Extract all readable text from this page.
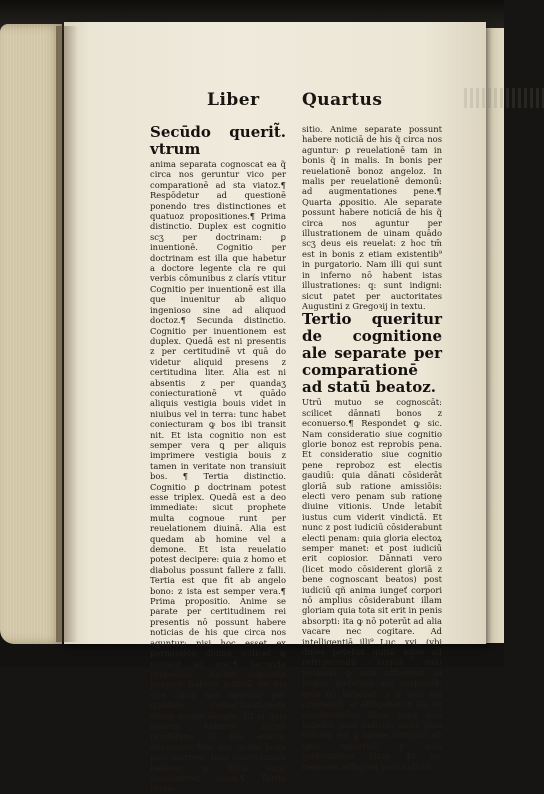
Liber Quartus
Secūdo querit̃. vtrum

anima separata cognoscat ea q̃ circa nos geruntur vico per comparationē ad sta viatoz.¶ Respōdetur ad questionē ponendo tres distinctiones et quatuoz propositiones.¶ Prima distinctio. Duplex est cognitio scʒ per doctrinam: ꝑ inuentionē. Cognitio per doctrinam est illa que habetur a doctore legente cla re qui verbis cōmunibus z clarís vtitur Cognitio per inuentionē est illa que inuenitur ab aliquo ingenioso sine ad aliquod doctoz.¶ Secunda distinctio. Cognitio per inuentionem est duplex. Quedā est ni presentis z per certitudinē vt quā do videtur aliquid presens z certitudina liter. Alia est ni absentis z per quandaʒ coniecturationē vt quādo aliquis vestigia bouis videt in niuibus vel in terra: tunc habet coniecturam ꝙ bos ibi transit nit. Et ista cognitio non est semper vera ꝗ per aliquis imprimere vestigia bouis z tamen in veritate non transiuit bos. ¶ Tertia distinctio. Cognitio ꝑ doctrinam potest esse triplex. Quedā est a deo immediate: sicut prophete multa cognoue runt per reuelationem diuinā. Alia est quedam ab homine vel a demone. Et ista reuelatio potest decipere: quia z homo et diabolus possunt fallere z falli. Tertia est que fit ab angelo bono: z ista est semper vera.¶ Prima propositio. Anime se parate per certitudinem rei presentis nō possunt habere noticias de his que circa nos aguntur: nisi hoc esset ex permissiōe diuina scilicet ꝙ veniant ad nos.¶ Secunda propositio. Anime separate possunt habere noticiā de his que circa nos aguntur per quādam coniecturationem etiam anime dānate. Ut si quis auarus haberet filium prodigum: si ille auarus dimisisset filio suo multa bona post mortem: tunc coniecturam haberet ꝙ filius suus consumeret bona.¶ Tertia propo

sitio. Anime separate possunt habere noticiā de his q̃ circa nos aguntur: ꝑ reuelationē tam in bonis q̃ in malis. In bonis per reuelationē bonoz angeloz. In malis per reuelationē demonū: ad augmentationes pene.¶ Quarta ꝓpositio. Ale separate possunt habere noticiā de his q̃ circa nos aguntur per illustrationem de uinam quādo scʒ deus eis reuelat: z hoc tm̄ est in bonis z etiam existentib⁹ in purgatorio. Nam illi qui sunt in inferno nō habent istas illustrationes: q: sunt indigni: sicut patet per auctoritates Augustini z Gregoꝛij in textu.

Tertio queritur de cognitione ale separate per comparationē ad statū beatoz.

Utrū mutuo se cognoscāt: scilicet dānnati bonos z econuerso.¶ Respondet ꝙ sic. Nam consideratio siue cognitio glorie bonoz est reprobis pena. Et consideratio siue cognitio pene reproboz est electis gaudiū: quia dānati cōsiderāt gloriā sub ratione amissiōis: electi vero penam sub ratione diuine vitionis. Unde letabit̃ iustus cum viderit vindictā. Et nunc z post iudiciū cōsiderabunt electi penam: quia gloria electoꝝ semper manet: et post iudiciū erit copiosior. Dānnati vero (licet modo cōsiderent gloriā z bene cognoscant beatos) post iudiciū qñ anima iungeť corpori nō amplius cōsiderabunt illam gloriam quia tota sit erit in penis absorpti: ita ꝙ nō poterūt ad alia vacare nec cogitare. Ad intelligentiā illi⁹ Luc. xvi. (vbi diues petebat guttā aque ad refrigerandū linguā suā) notandū ꝙ non affligebat in lingua materiali aut corporali: quia nō habebat: z ꝙ sola aia cruciabat̃: sz affligebat in aia ex cōsideratiōne illius pene quā habebit post iudiciū: sicut p̄mo vidcum est ꝙ anime affligunt̃ ab igne materiali p sola ꝯsideratiōne illius. Et sic demones affligunt̃ post iudiciū.
